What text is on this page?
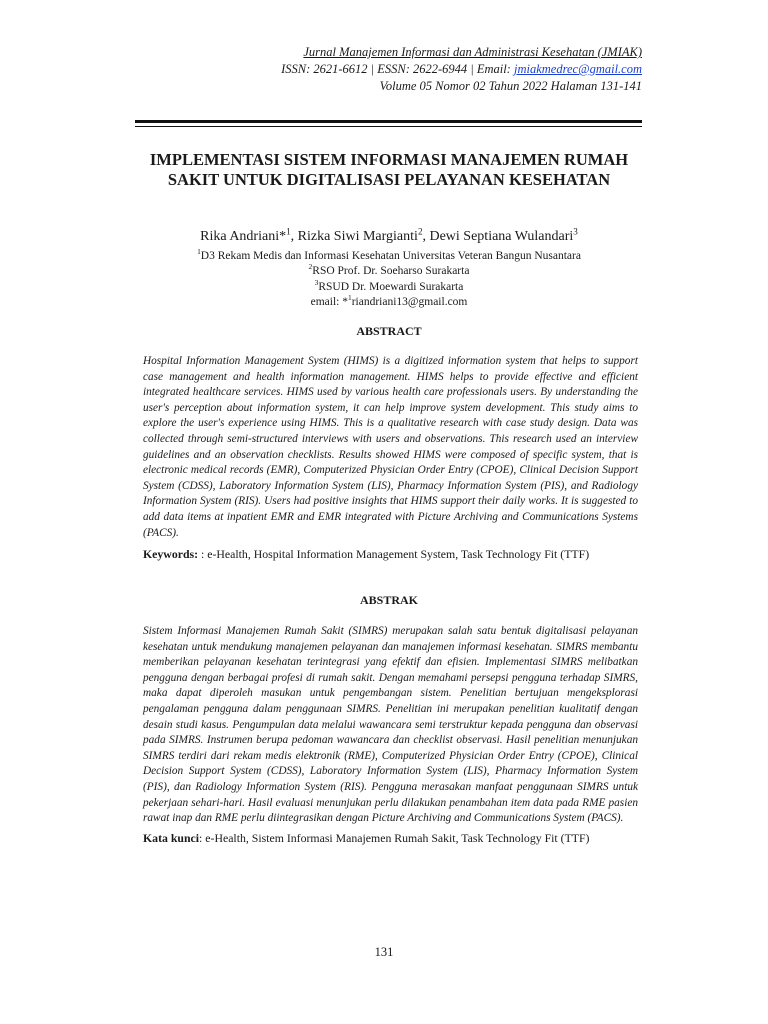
Jurnal Manajemen Informasi dan Administrasi Kesehatan (JMIAK)
ISSN: 2621-6612 | ESSN: 2622-6944 | Email: jmiakmedrec@gmail.com
Volume 05 Nomor 02 Tahun 2022 Halaman 131-141
IMPLEMENTASI SISTEM INFORMASI MANAJEMEN RUMAH SAKIT UNTUK DIGITALISASI PELAYANAN KESEHATAN
Rika Andriani*$^1$, Rizka Siwi Margianti$^2$, Dewi Septiana Wulandari$^3$
$^1$D3 Rekam Medis dan Informasi Kesehatan Universitas Veteran Bangun Nusantara
$^2$RSO Prof. Dr. Soeharso Surakarta
$^3$RSUD Dr. Moewardi Surakarta
email: *$^1$riandriani13@gmail.com
ABSTRACT
Hospital Information Management System (HIMS) is a digitized information system that helps to support case management and health information management. HIMS helps to provide effective and efficient integrated healthcare services. HIMS used by various health care professionals users. By understanding the user's perception about information system, it can help improve system development. This study aims to explore the user's experience using HIMS. This is a qualitative research with case study design. Data was collected through semi-structured interviews with users and observations. This research used an interview guidelines and an observation checklists. Results showed HIMS were composed of specific system, that is electronic medical records (EMR), Computerized Physician Order Entry (CPOE), Clinical Decision Support System (CDSS), Laboratory Information System (LIS), Pharmacy Information System (PIS), and Radiology Information System (RIS). Users had positive insights that HIMS support their daily works. It is suggested to add data items at inpatient EMR and EMR integrated with Picture Archiving and Communications Systems (PACS).
Keywords: : e-Health, Hospital Information Management System, Task Technology Fit (TTF)
ABSTRAK
Sistem Informasi Manajemen Rumah Sakit (SIMRS) merupakan salah satu bentuk digitalisasi pelayanan kesehatan untuk mendukung manajemen pelayanan dan manajemen informasi kesehatan. SIMRS membantu memberikan pelayanan kesehatan terintegrasi yang efektif dan efisien. Implementasi SIMRS melibatkan pengguna dengan berbagai profesi di rumah sakit. Dengan memahami persepsi pengguna terhadap SIMRS, maka dapat diperoleh masukan untuk pengembangan sistem. Penelitian bertujuan mengeksplorasi pengalaman pengguna dalam penggunaan SIMRS. Penelitian ini merupakan penelitian kualitatif dengan desain studi kasus. Pengumpulan data melalui wawancara semi terstruktur kepada pengguna dan observasi pada SIMRS. Instrumen berupa pedoman wawancara dan checklist observasi. Hasil penelitian menunjukan SIMRS terdiri dari rekam medis elektronik (RME), Computerized Physician Order Entry (CPOE), Clinical Decision Support System (CDSS), Laboratory Information System (LIS), Pharmacy Information System (PIS), dan Radiology Information System (RIS). Pengguna merasakan manfaat penggunaan SIMRS untuk pekerjaan sehari-hari. Hasil evaluasi menunjukan perlu dilakukan penambahan item data pada RME pasien rawat inap dan RME perlu diintegrasikan dengan Picture Archiving and Communications System (PACS).
Kata kunci: e-Health, Sistem Informasi Manajemen Rumah Sakit, Task Technology Fit (TTF)
131
